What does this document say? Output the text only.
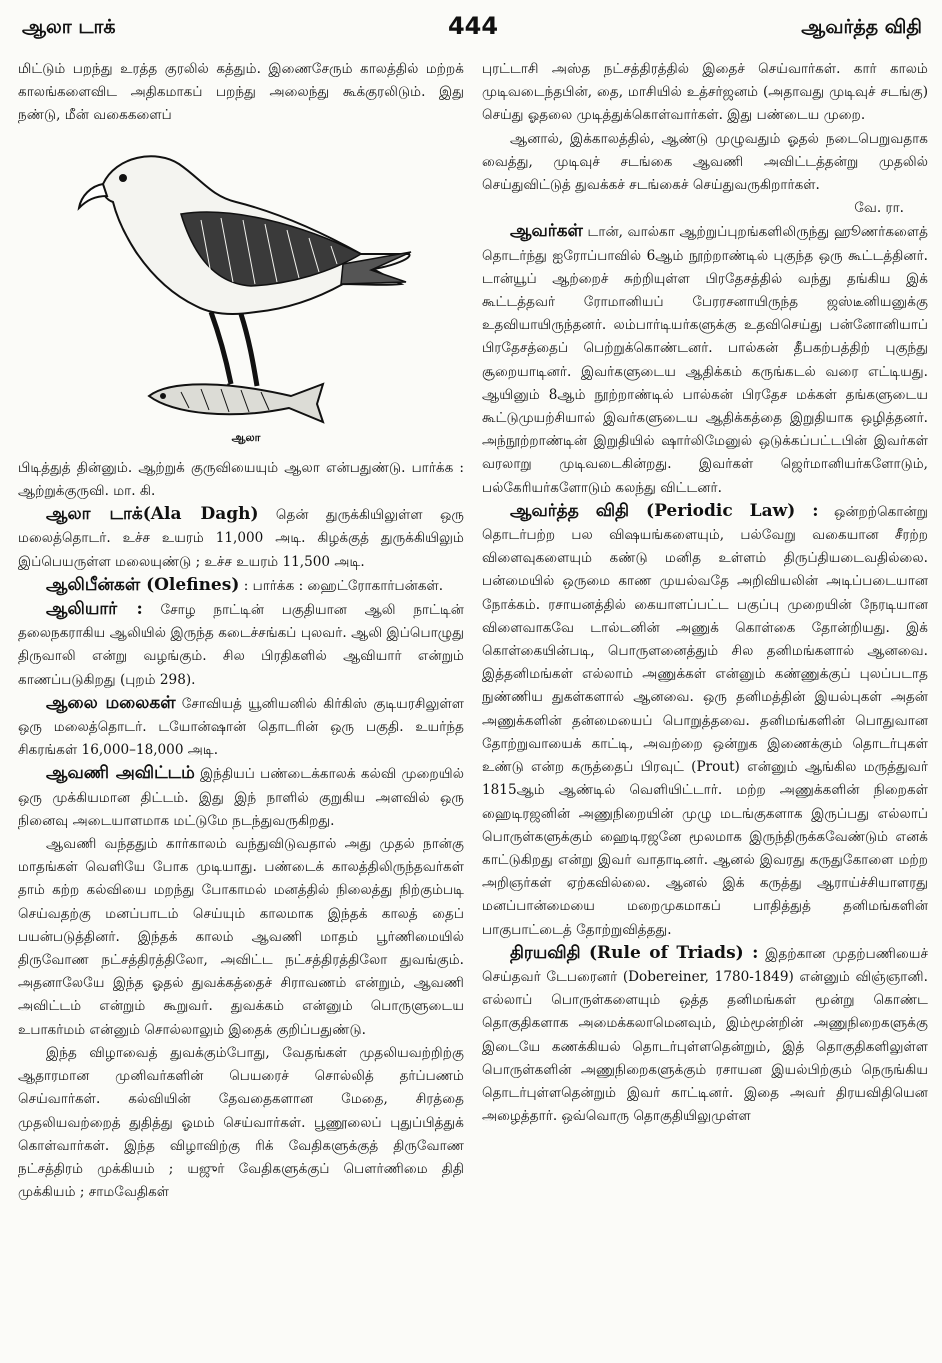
ஆலா டாக்	444	ஆவர்த்த விதி

மிட்டும் பறந்து உரத்த குரலில் கத்தும். இணைசேரும் காலத்தில் மற்றக் காலங்களைவிட அதிகமாகப் பறந்து அலைந்து கூக்குரலிடும். இது நண்டு, மீன் வகைகளைப்

ஆலா

பிடித்துத் தின்னும். ஆற்றுக் குருவியையும் ஆலா என்பதுண்டு. பார்க்க : ஆற்றுக்குருவி. மா. கி.

ஆலா டாக்(Ala Dagh) தென் துருக்கியிலுள்ள ஒரு மலைத்தொடர். உச்ச உயரம் 11,000 அடி. கிழக்குத் துருக்கியிலும் இப்பெயருள்ள மலையுண்டு ; உச்ச உயரம் 11,500 அடி.

ஆலிபீன்கள் (Olefines) : பார்க்க : ஹைட்ரோகார்பன்கள்.

ஆலியார் : சோழ நாட்டின் பகுதியான ஆலி நாட்டின் தலைநகராகிய ஆலியில் இருந்த கடைச்சங்கப் புலவர். ஆலி இப்பொழுது திருவாலி என்று வழங்கும். சில பிரதிகளில் ஆவியார் என்றும் காணப்படுகிறது (புறம் 298).

ஆலை மலைகள் சோவியத் யூனியனில் கிர்கிஸ் குடியரசிலுள்ள ஒரு மலைத்தொடர். டயோன்ஷான் தொடரின் ஒரு பகுதி. உயர்ந்த சிகரங்கள் 16,000–18,000 அடி.

ஆவணி அவிட்டம் இந்தியப் பண்டைக்காலக் கல்வி முறையில் ஒரு முக்கியமான திட்டம். இது இந் நாளில் குறுகிய அளவில் ஒரு நினைவு அடையாளமாக மட்டுமே நடந்துவருகிறது.

ஆவணி வந்ததும் கார்காலம் வந்துவிடுவதால் அது முதல் நான்கு மாதங்கள் வெளியே போக முடியாது. பண்டைக் காலத்திலிருந்தவர்கள் தாம் கற்ற கல்வியை மறந்து போகாமல் மனத்தில் நிலைத்து நிற்கும்படி செய்வதற்கு மனப்பாடம் செய்யும் காலமாக இந்தக் காலத் தைப் பயன்படுத்தினர். இந்தக் காலம் ஆவணி மாதம் பூர்ணிமையில் திருவோண நட்சத்திரத்திலோ, அவிட்ட நட்சத்திரத்திலோ துவங்கும். அதனாலேயே இந்த ஓதல் துவக்கத்தைச் சிராவணம் என்றும், ஆவணி அவிட்டம் என்றும் கூறுவர். துவக்கம் என்னும் பொருளுடைய உபாகர்மம் என்னும் சொல்லாலும் இதைக் குறிப்பதுண்டு.

இந்த விழாவைத் துவக்கும்போது, வேதங்கள் முதலியவற்றிற்கு ஆதாரமான முனிவர்களின் பெயரைச் சொல்லித் தர்ப்பணம் செய்வார்கள். கல்வியின் தேவதைகளான மேதை, சிரத்தை முதலியவற்றைத் துதித்து ஓமம் செய்வார்கள். பூணூலைப் புதுப்பித்துக் கொள்வார்கள். இந்த விழாவிற்கு ரிக் வேதிகளுக்குத் திருவோண நட்சத்திரம் முக்கியம் ; யஜுர் வேதிகளுக்குப் பௌர்ணிமை திதி முக்கியம் ; சாமவேதிகள்

புரட்டாசி அஸ்த நட்சத்திரத்தில் இதைச் செய்வார்கள். கார் காலம் முடிவடைந்தபின், தை, மாசியில் உத்சர்ஜனம் (அதாவது முடிவுச் சடங்கு) செய்து ஓதலை முடித்துக்கொள்வார்கள். இது பண்டைய முறை.

ஆனால், இக்காலத்தில், ஆண்டு முழுவதும் ஓதல் நடைபெறுவதாக வைத்து, முடிவுச் சடங்கை ஆவணி அவிட்டத்தன்று முதலில் செய்துவிட்டுத் துவக்கச் சடங்கைச் செய்துவருகிறார்கள்.

வே. ரா.

ஆவர்கள் டான், வால்கா ஆற்றுப்புறங்களிலிருந்து ஹூணர்களைத் தொடர்ந்து ஐரோப்பாவில் 6ஆம் நூற்றாண்டில் புகுந்த ஒரு கூட்டத்தினர். டான்யூப் ஆற்றைச் சுற்றியுள்ள பிரதேசத்தில் வந்து தங்கிய இக் கூட்டத்தவர் ரோமானியப் பேரரசனாயிருந்த ஜஸ்டீனியனுக்கு உதவியாயிருந்தனர். லம்பார்டியர்களுக்கு உதவிசெய்து பன்னோனியாப் பிரதேசத்தைப் பெற்றுக்கொண்டனர். பால்கன் தீபகற்பத்திற் புகுந்து சூறையாடினர். இவர்களுடைய ஆதிக்கம் கருங்கடல் வரை எட்டியது. ஆயினும் 8ஆம் நூற்றாண்டில் பால்கன் பிரதேச மக்கள் தங்களுடைய கூட்டுமுயற்சியால் இவர்களுடைய ஆதிக்கத்தை இறுதியாக ஒழித்தனர். அந்நூற்றாண்டின் இறுதியில் ஷார்லிமேனுல் ஒடுக்கப்பட்டபின் இவர்கள் வரலாறு முடிவடைகின்றது. இவர்கள் ஜெர்மானியர்களோடும், பல்கேரியர்களோடும் கலந்து விட்டனர்.

ஆவர்த்த விதி (Periodic Law) : ஒன்றற்கொன்று தொடர்பற்ற பல விஷயங்களையும், பல்வேறு வகையான சீரற்ற விளைவுகளையும் கண்டு மனித உள்ளம் திருப்தியடைவதில்லை. பன்மையில் ஒருமை காண முயல்வதே அறிவியலின் அடிப்படையான நோக்கம். ரசாயனத்தில் கையாளப்பட்ட பகுப்பு முறையின் நேரடியான விளைவாகவே டால்டனின் அணுக் கொள்கை தோன்றியது. இக் கொள்கையின்படி, பொருளனைத்தும் சில தனிமங்களால் ஆனவை. இத்தனிமங்கள் எல்லாம் அணுக்கள் என்னும் கண்ணுக்குப் புலப்படாத நுண்ணிய துகள்களால் ஆனவை. ஒரு தனிமத்தின் இயல்புகள் அதன் அணுக்களின் தன்மையைப் பொறுத்தவை. தனிமங்களின் பொதுவான தோற்றுவாயைக் காட்டி, அவற்றை ஒன்றுக இணைக்கும் தொடர்புகள் உண்டு என்ற கருத்தைப் பிரவுட் (Prout) என்னும் ஆங்கில மருத்துவர் 1815ஆம் ஆண்டில் வெளியிட்டார். மற்ற அணுக்களின் நிறைகள் ஹைடிரஜனின் அணுநிறையின் முழு மடங்குகளாக இருப்பது எல்லாப் பொருள்களுக்கும் ஹைடிரஜனே மூலமாக இருந்திருக்கவேண்டும் எனக் காட்டுகிறது என்று இவர் வாதாடினர். ஆனல் இவரது கருதுகோளை மற்ற அறிஞர்கள் ஏற்கவில்லை. ஆனல் இக் கருத்து ஆராய்ச்சியாளரது மனப்பான்மையை மறைமுகமாகப் பாதித்துத் தனிமங்களின் பாகுபாட்டைத் தோற்றுவித்தது.

திரயவிதி (Rule of Triads) : இதற்கான முதற்பணியைச் செய்தவர் டேபரைனர் (Dobereiner, 1780-1849) என்னும் விஞ்ஞானி. எல்லாப் பொருள்களையும் ஒத்த தனிமங்கள் மூன்று கொண்ட தொகுதிகளாக அமைக்கலாமெனவும், இம்மூன்றின் அணுநிறைகளுக்கு இடையே கணக்கியல் தொடர்புள்ளதென்றும், இத் தொகுதிகளிலுள்ள பொருள்களின் அணுநிறைகளுக்கும் ரசாயன இயல்பிற்கும் நெருங்கிய தொடர்புள்ளதென்றும் இவர் காட்டினர். இதை அவர் திரயவிதியென அழைத்தார். ஒவ்வொரு தொகுதியிலுமுள்ள
